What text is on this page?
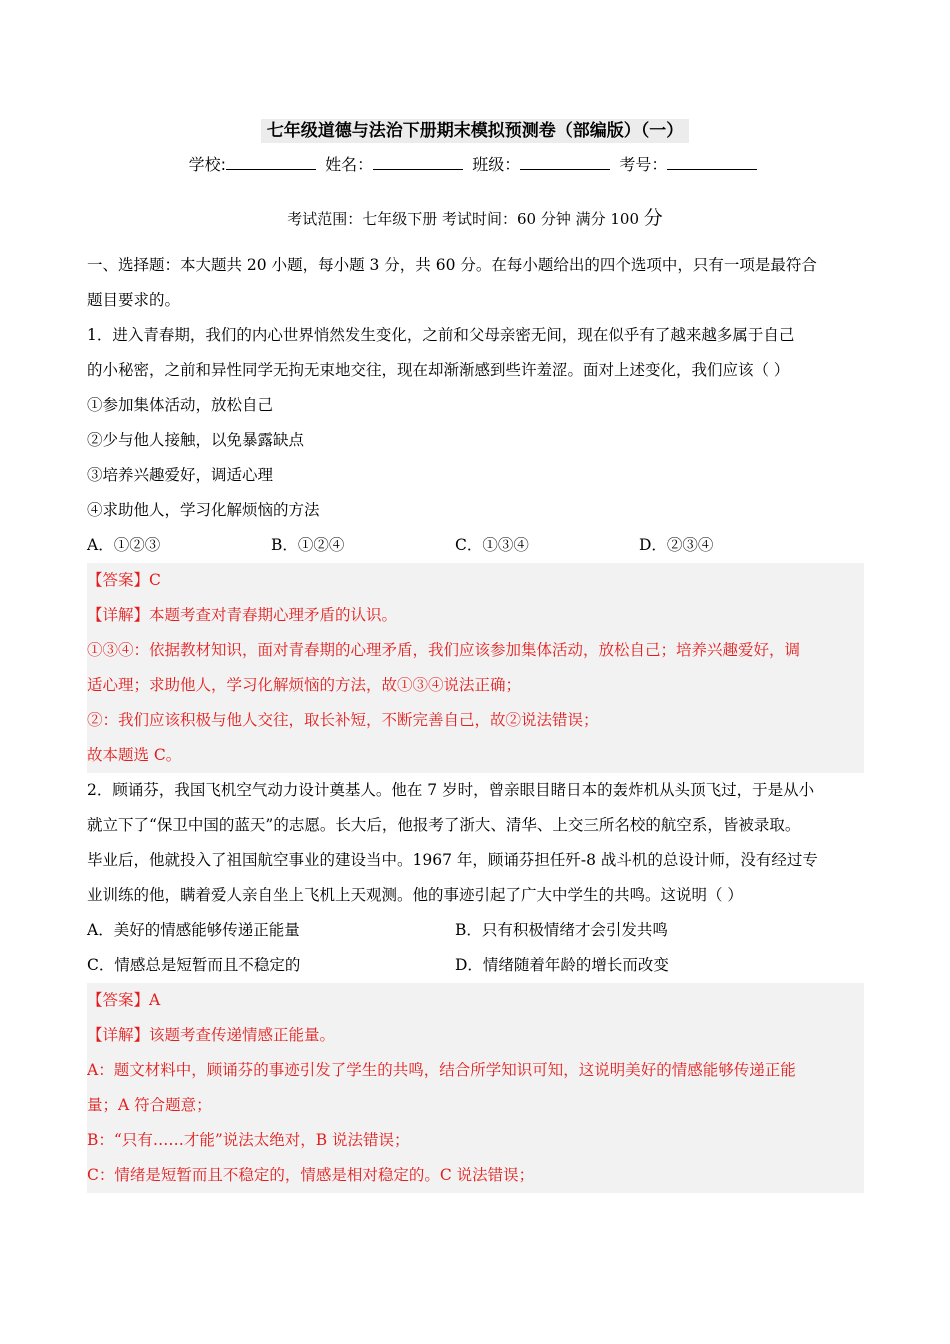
七年级道德与法治下册期末模拟预测卷（部编版）（一）
学校:	姓名：	班级：	考号：
考试范围：七年级下册 考试时间：60 分钟 满分 100 分
一、选择题：本大题共 20 小题，每小题 3 分，共 60 分。在每小题给出的四个选项中，只有一项是最符合
题目要求的。
1．进入青春期，我们的内心世界悄然发生变化，之前和父母亲密无间，现在似乎有了越来越多属于自己
的小秘密，之前和异性同学无拘无束地交往，现在却渐渐感到些许羞涩。面对上述变化，我们应该（ ）
①参加集体活动，放松自己
②少与他人接触，以免暴露缺点
③培养兴趣爱好，调适心理
④求助他人，学习化解烦恼的方法
A．①②③	B．①②④	C．①③④	D．②③④
【答案】C
【详解】本题考查对青春期心理矛盾的认识。
①③④：依据教材知识，面对青春期的心理矛盾，我们应该参加集体活动，放松自己；培养兴趣爱好，调
适心理；求助他人，学习化解烦恼的方法，故①③④说法正确；
②：我们应该积极与他人交往，取长补短，不断完善自己，故②说法错误；
故本题选 C。
2．顾诵芬，我国飞机空气动力设计奠基人。他在 7 岁时，曾亲眼目睹日本的轰炸机从头顶飞过，于是从小
就立下了“保卫中国的蓝天”的志愿。长大后，他报考了浙大、清华、上交三所名校的航空系，皆被录取。
毕业后，他就投入了祖国航空事业的建设当中。1967 年，顾诵芬担任歼-8 战斗机的总设计师，没有经过专
业训练的他，瞒着爱人亲自坐上飞机上天观测。他的事迹引起了广大中学生的共鸣。这说明（ ）
A．美好的情感能够传递正能量	B．只有积极情绪才会引发共鸣
C．情感总是短暂而且不稳定的	D．情绪随着年龄的增长而改变
【答案】A
【详解】该题考查传递情感正能量。
A：题文材料中，顾诵芬的事迹引发了学生的共鸣，结合所学知识可知，这说明美好的情感能够传递正能
量；A 符合题意；
B：“只有……才能”说法太绝对，B 说法错误；
C：情绪是短暂而且不稳定的，情感是相对稳定的。C 说法错误；
